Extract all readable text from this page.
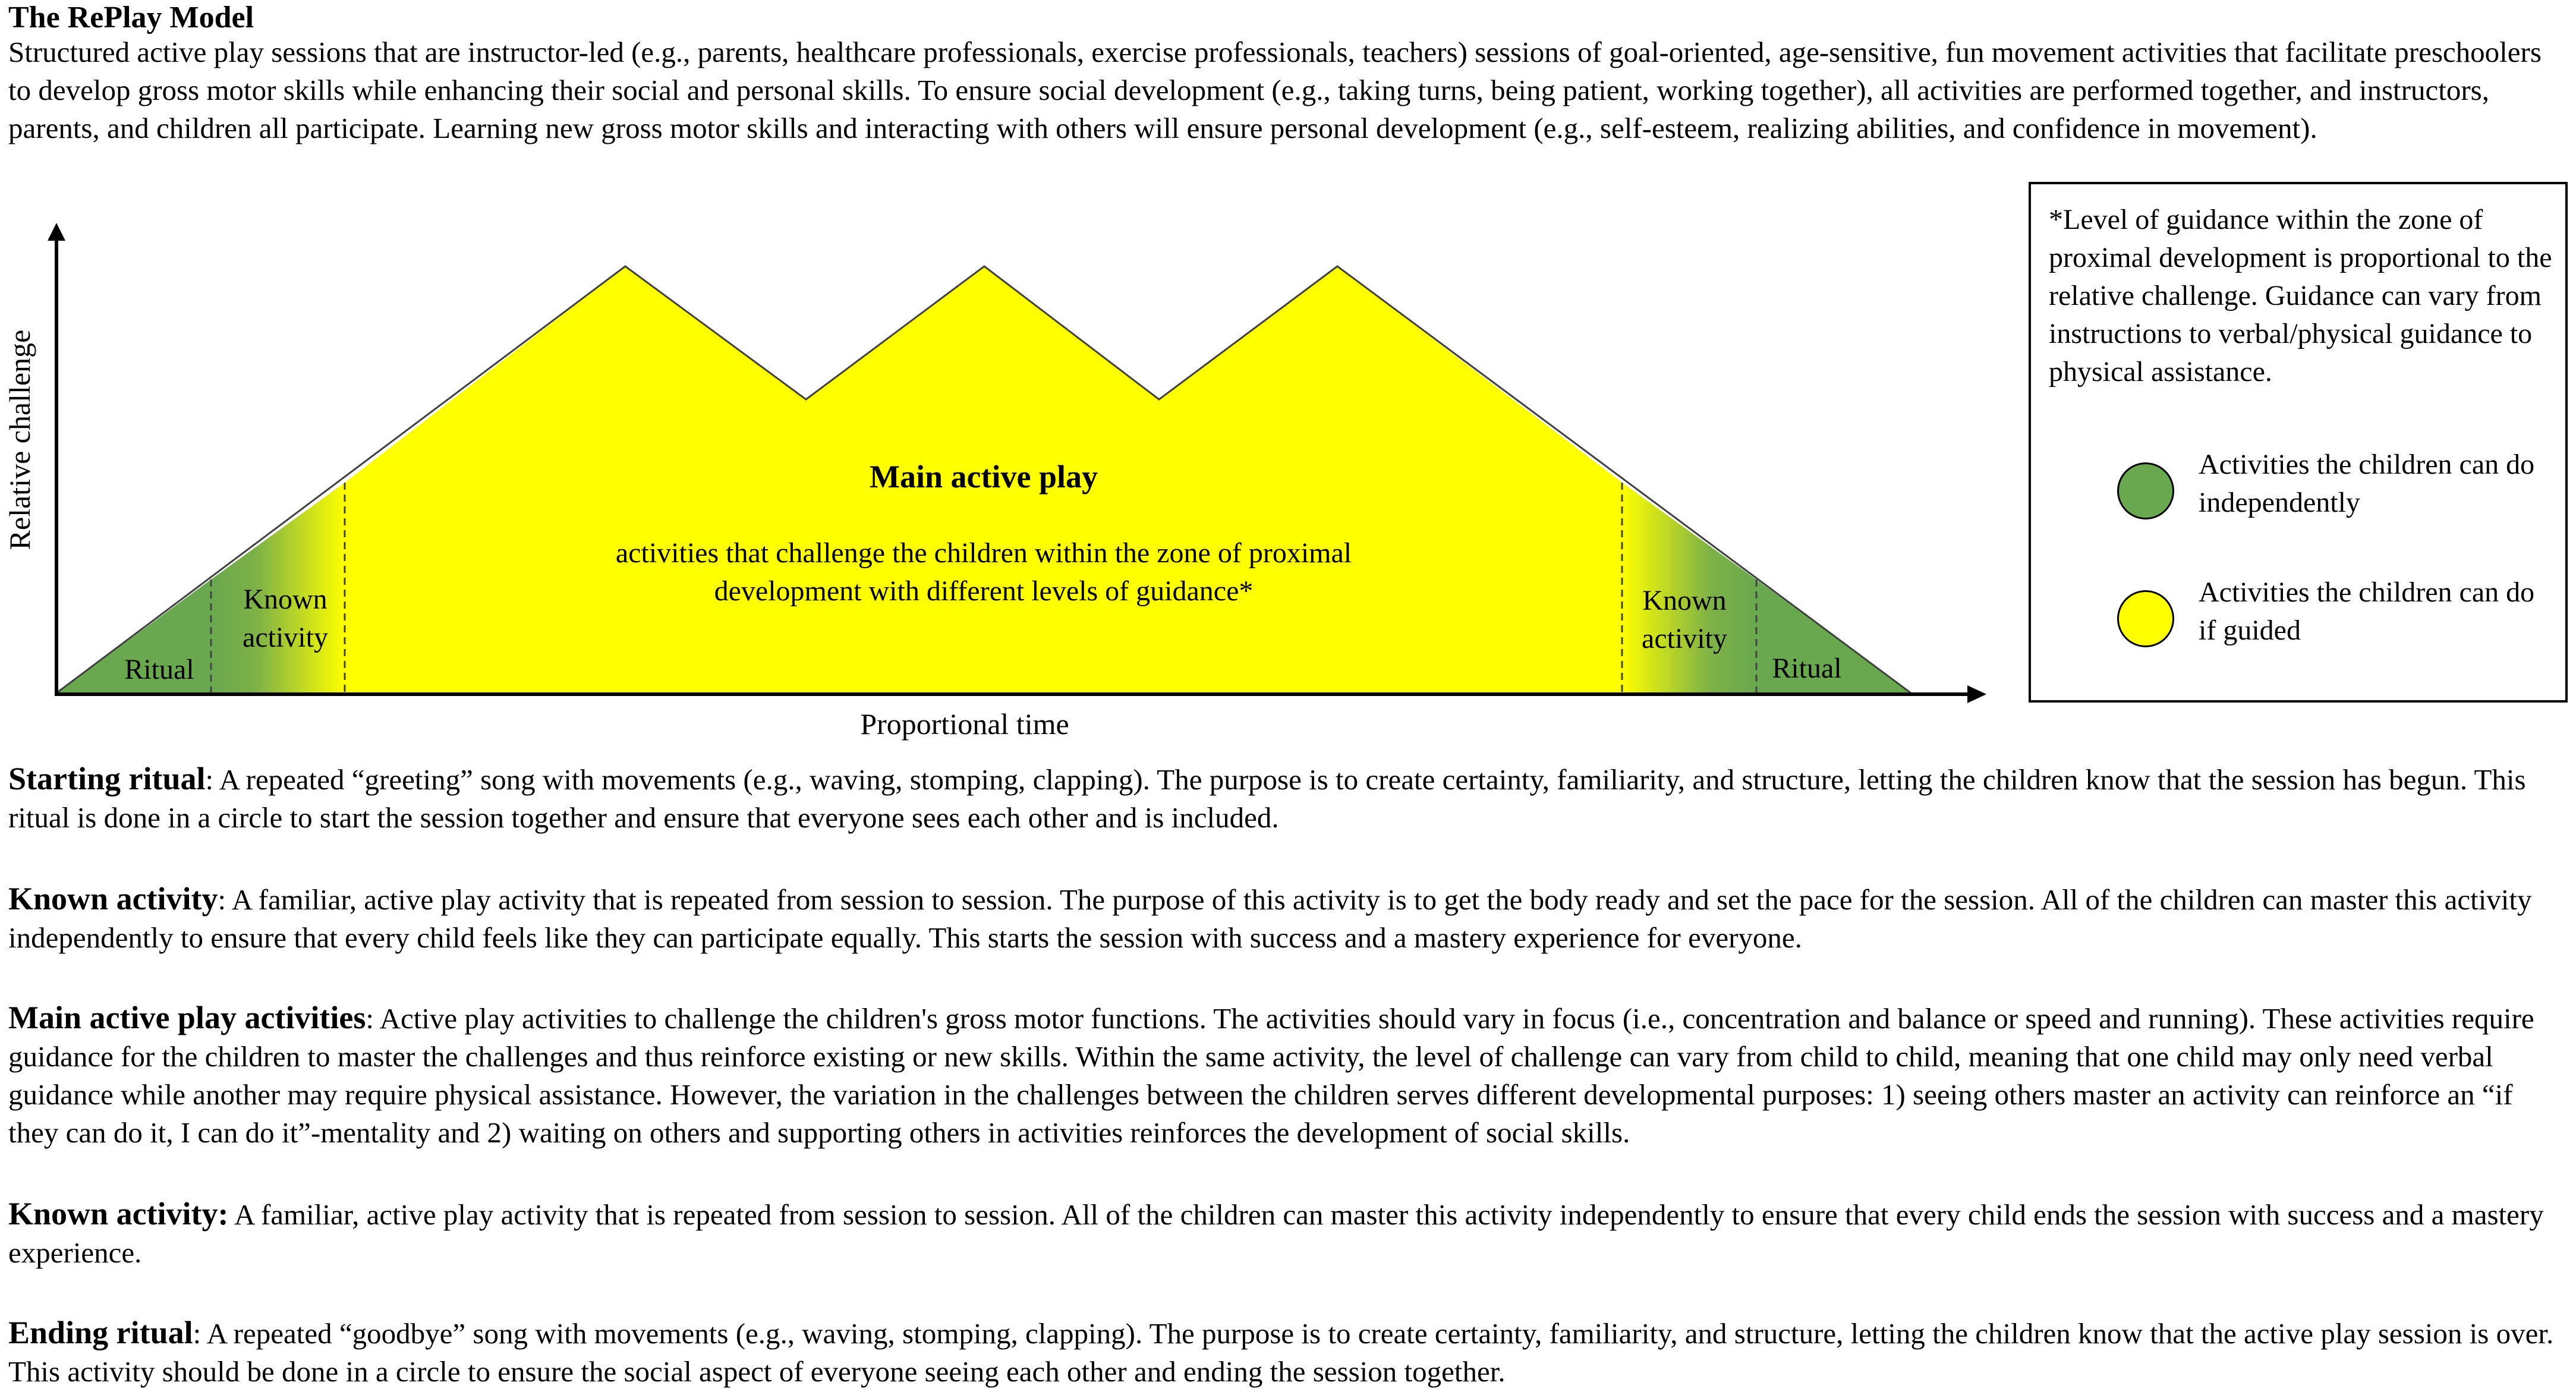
The RePlay Model
Structured active play sessions that are instructor-led (e.g., parents, healthcare professionals, exercise professionals, teachers) sessions of goal-oriented, age-sensitive, fun movement activities that facilitate preschoolers to develop gross motor skills while enhancing their social and personal skills. To ensure social development (e.g., taking turns, being patient, working together), all activities are performed together, and instructors, parents, and children all participate. Learning new gross motor skills and interacting with others will ensure personal development (e.g., self-esteem, realizing abilities, and confidence in movement).
Relative challenge
Proportional time
Ritual
Known
activity
Main active play
activities that challenge the children within the zone of proximal
development with different levels of guidance*	Known
activity
Ritual
*Level of guidance within the zone of proximal development is proportional to the relative challenge. Guidance can vary from instructions to verbal/physical guidance to physical assistance.
Activities the children can do independently
Activities the children can do if guided
Starting ritual: A repeated “greeting” song with movements (e.g., waving, stomping, clapping). The purpose is to create certainty, familiarity, and structure, letting the children know that the session has begun. This ritual is done in a circle to start the session together and ensure that everyone sees each other and is included.
Known activity: A familiar, active play activity that is repeated from session to session. The purpose of this activity is to get the body ready and set the pace for the session. All of the children can master this activity independently to ensure that every child feels like they can participate equally. This starts the session with success and a mastery experience for everyone.
Main active play activities: Active play activities to challenge the children's gross motor functions. The activities should vary in focus (i.e., concentration and balance or speed and running). These activities require guidance for the children to master the challenges and thus reinforce existing or new skills. Within the same activity, the level of challenge can vary from child to child, meaning that one child may only need verbal guidance while another may require physical assistance. However, the variation in the challenges between the children serves different developmental purposes: 1) seeing others master an activity can reinforce an “if they can do it, I can do it”-mentality and 2) waiting on others and supporting others in activities reinforces the development of social skills.
Known activity: A familiar, active play activity that is repeated from session to session. All of the children can master this activity independently to ensure that every child ends the session with success and a mastery experience.
Ending ritual: A repeated “goodbye” song with movements (e.g., waving, stomping, clapping). The purpose is to create certainty, familiarity, and structure, letting the children know that the active play session is over. This activity should be done in a circle to ensure the social aspect of everyone seeing each other and ending the session together.
